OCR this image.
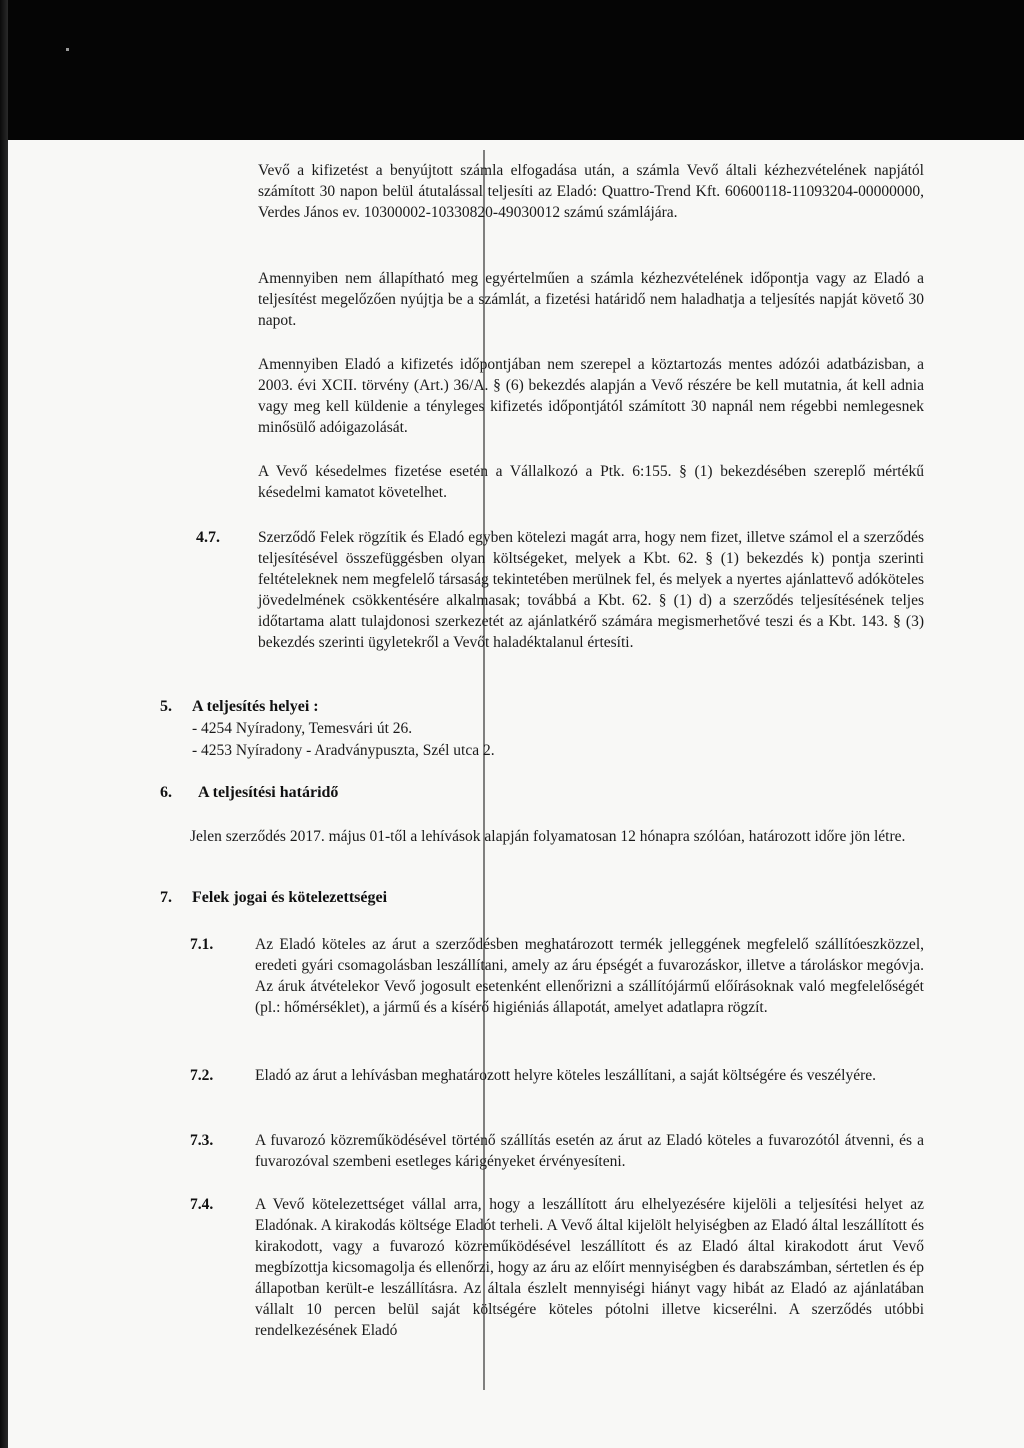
Vevő a kifizetést a benyújtott számla elfogadása után, a számla Vevő általi kézhezvételének napjától számított 30 napon belül átutalással teljesíti az Eladó: Quattro-Trend Kft. 60600118-11093204-00000000, Verdes János ev. 10300002-10330820-49030012 számú számlájára.

Amennyiben nem állapítható meg egyértelműen a számla kézhezvételének időpontja vagy az Eladó a teljesítést megelőzően nyújtja be a számlát, a fizetési határidő nem haladhatja a teljesítés napját követő 30 napot.

Amennyiben Eladó a kifizetés időpontjában nem szerepel a köztartozás mentes adózói adatbázisban, a 2003. évi XCII. törvény (Art.) 36/A. § (6) bekezdés alapján a Vevő részére be kell mutatnia, át kell adnia vagy meg kell küldenie a tényleges kifizetés időpontjától számított 30 napnál nem régebbi nemlegesnek minősülő adóigazolását.

A Vevő késedelmes fizetése esetén a Vállalkozó a Ptk. 6:155. § (1) bekezdésében szereplő mértékű késedelmi kamatot követelhet.

4.7. Szerződő Felek rögzítik és Eladó egyben kötelezi magát arra, hogy nem fizet, illetve számol el a szerződés teljesítésével összefüggésben olyan költségeket, melyek a Kbt. 62. § (1) bekezdés k) pontja szerinti feltételeknek nem megfelelő társaság tekintetében merülnek fel, és melyek a nyertes ajánlattevő adóköteles jövedelmének csökkentésére alkalmasak; továbbá a Kbt. 62. § (1) d) a szerződés teljesítésének teljes időtartama alatt tulajdonosi szerkezetét az ajánlatkérő számára megismerhetővé teszi és a Kbt. 143. § (3) bekezdés szerinti ügyletekről a Vevőt haladéktalanul értesíti.

5. A teljesítés helyei :
- 4254 Nyíradony, Temesvári út 26.
- 4253 Nyíradony - Aradványpuszta, Szél utca 2.
6. A teljesítési határidő

Jelen szerződés 2017. május 01-től a lehívások alapján folyamatosan 12 hónapra szólóan, határozott időre jön létre.

7. Felek jogai és kötelezettségei
7.1.	Az Eladó köteles az árut a szerződésben meghatározott termék jelleggének megfelelő szállítóeszközzel, eredeti gyári csomagolásban leszállítani, amely az áru épségét a fuvarozáskor, illetve a tároláskor megóvja. Az áruk átvételekor Vevő jogosult esetenként ellenőrizni a szállítójármű előírásoknak való megfelelőségét (pl.: hőmérséklet), a jármű és a kísérő higiéniás állapotát, amelyet adatlapra rögzít.

7.2.	Eladó az árut a lehívásban meghatározott helyre köteles leszállítani, a saját költségére és veszélyére.

7.3.	A fuvarozó közreműködésével történő szállítás esetén az árut az Eladó köteles a fuvarozótól átvenni, és a fuvarozóval szembeni esetleges kárigényeket érvényesíteni.

7.4.	A Vevő kötelezettséget vállal arra, hogy a leszállított áru elhelyezésére kijelöli a teljesítési helyet az Eladónak. A kirakodás költsége Eladót terheli. A Vevő által kijelölt helyiségben az Eladó által leszállított és kirakodott, vagy a fuvarozó közreműködésével leszállított és az Eladó által kirakodott árut Vevő megbízottja kicsomagolja és ellenőrzi, hogy az áru az előírt mennyiségben és darabszámban, sértetlen és ép állapotban került-e leszállításra. Az általa észlelt mennyiségi hiányt vagy hibát az Eladó az ajánlatában vállalt 10 percen belül saját költségére köteles pótolni illetve kicserélni. A szerződés utóbbi rendelkezésének Eladó
